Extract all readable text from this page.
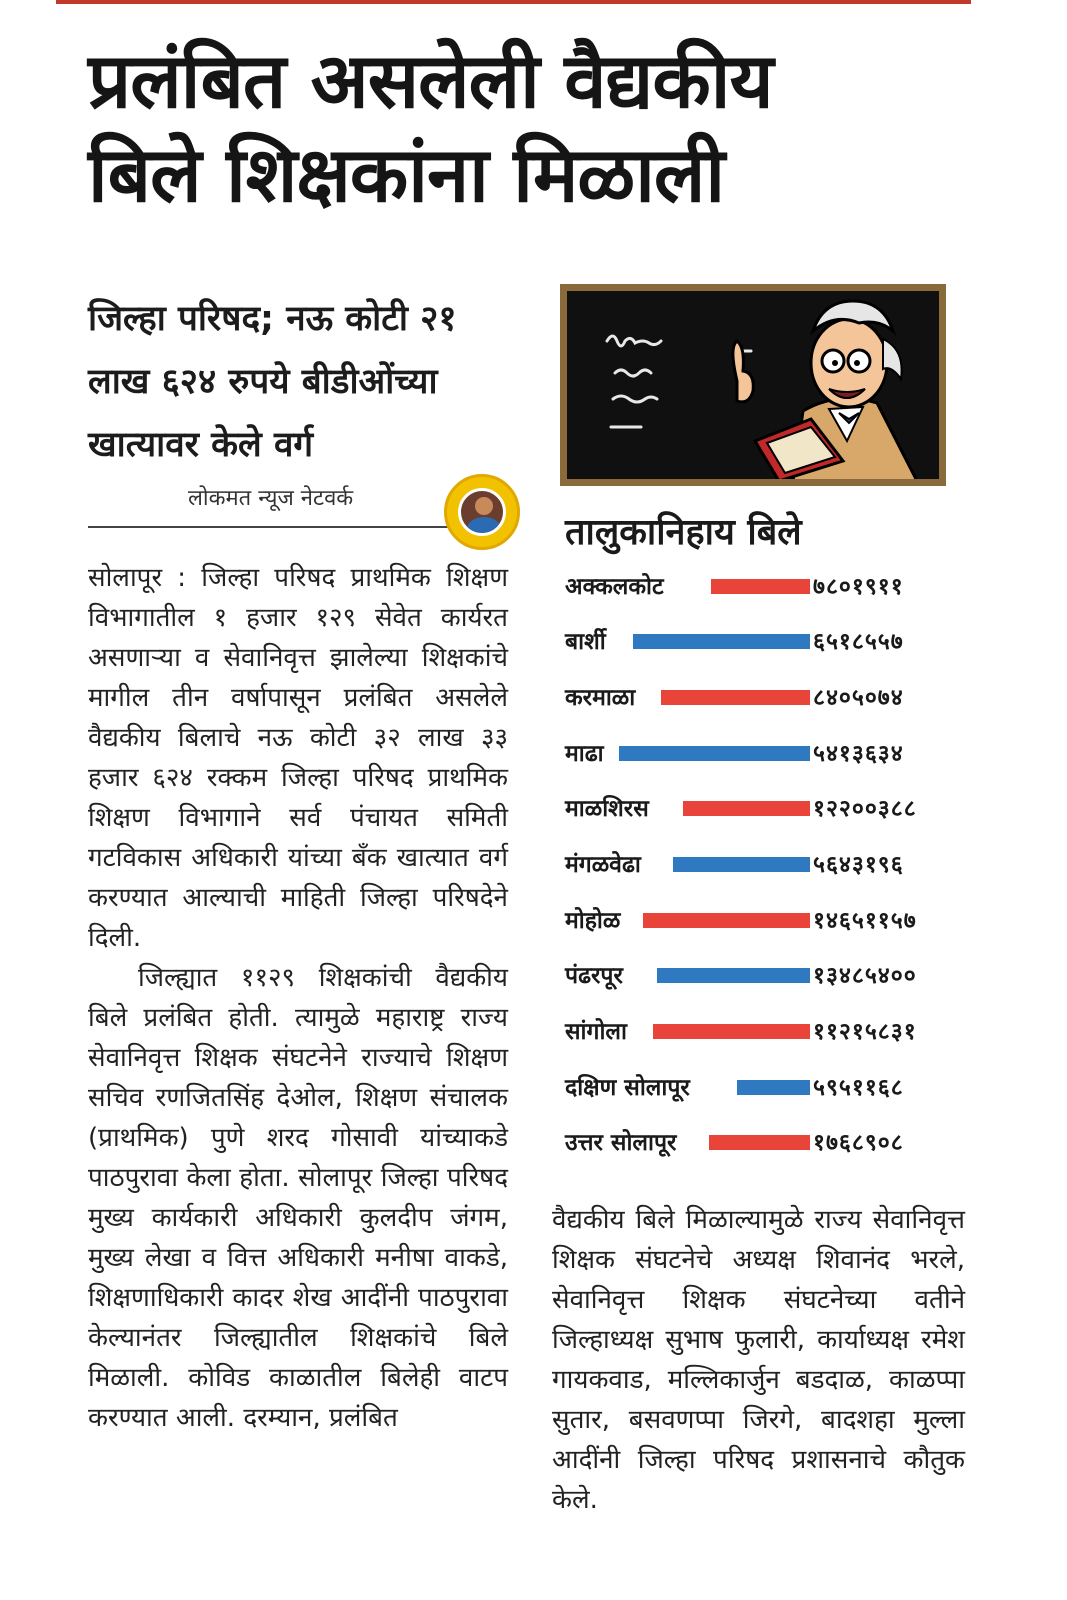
प्रलंबित असलेली वैद्यकीय
बिले शिक्षकांना मिळाली
जिल्हा परिषद; नऊ कोटी २१
लाख ६२४ रुपये बीडीओंच्या
खात्यावर केले वर्ग
लोकमत न्यूज नेटवर्क

सोलापूर : जिल्हा परिषद प्राथमिक शिक्षण विभागातील १ हजार १२९ सेवेत कार्यरत असणाऱ्या व सेवानिवृत्त झालेल्या शिक्षकांचे मागील तीन वर्षापासून प्रलंबित असलेले वैद्यकीय बिलाचे नऊ कोटी ३२ लाख ३३ हजार ६२४ रक्कम जिल्हा परिषद प्राथमिक शिक्षण विभागाने सर्व पंचायत समिती गटविकास अधिकारी यांच्या बँक खात्यात वर्ग करण्यात आल्याची माहिती जिल्हा परिषदेने दिली.

जिल्ह्यात ११२९ शिक्षकांची वैद्यकीय बिले प्रलंबित होती. त्यामुळे महाराष्ट्र राज्य सेवानिवृत्त शिक्षक संघटनेने राज्याचे शिक्षण सचिव रणजितसिंह देओल, शिक्षण संचालक (प्राथमिक) पुणे शरद गोसावी यांच्याकडे पाठपुरावा केला होता. सोलापूर जिल्हा परिषद मुख्य कार्यकारी अधिकारी कुलदीप जंगम, मुख्य लेखा व वित्त अधिकारी मनीषा वाकडे, शिक्षणाधिकारी कादर शेख आदींनी पाठपुरावा केल्यानंतर जिल्ह्यातील शिक्षकांचे बिले मिळाली. कोविड काळातील बिलेही वाटप करण्यात आली. दरम्यान, प्रलंबित

तालुकानिहाय बिले
अक्कलकोट	७८०१९११
बार्शी	६५१८५५७
करमाळा	८४०५०७४
माढा	५४१३६३४
माळशिरस	१२२००३८८
मंगळवेढा	५६४३१९६
मोहोळ	१४६५११५७
पंढरपूर	१३४८५४००
सांगोला	११२१५८३१
दक्षिण सोलापूर	५९५११६८
उत्तर सोलापूर	१७६८९०८

वैद्यकीय बिले मिळाल्यामुळे राज्य सेवानिवृत्त शिक्षक संघटनेचे अध्यक्ष शिवानंद भरले, सेवानिवृत्त शिक्षक संघटनेच्या वतीने जिल्हाध्यक्ष सुभाष फुलारी, कार्याध्यक्ष रमेश गायकवाड, मल्लिकार्जुन बडदाळ, काळप्पा सुतार, बसवणप्पा जिरगे, बादशहा मुल्ला आदींनी जिल्हा परिषद प्रशासनाचे कौतुक केले.
